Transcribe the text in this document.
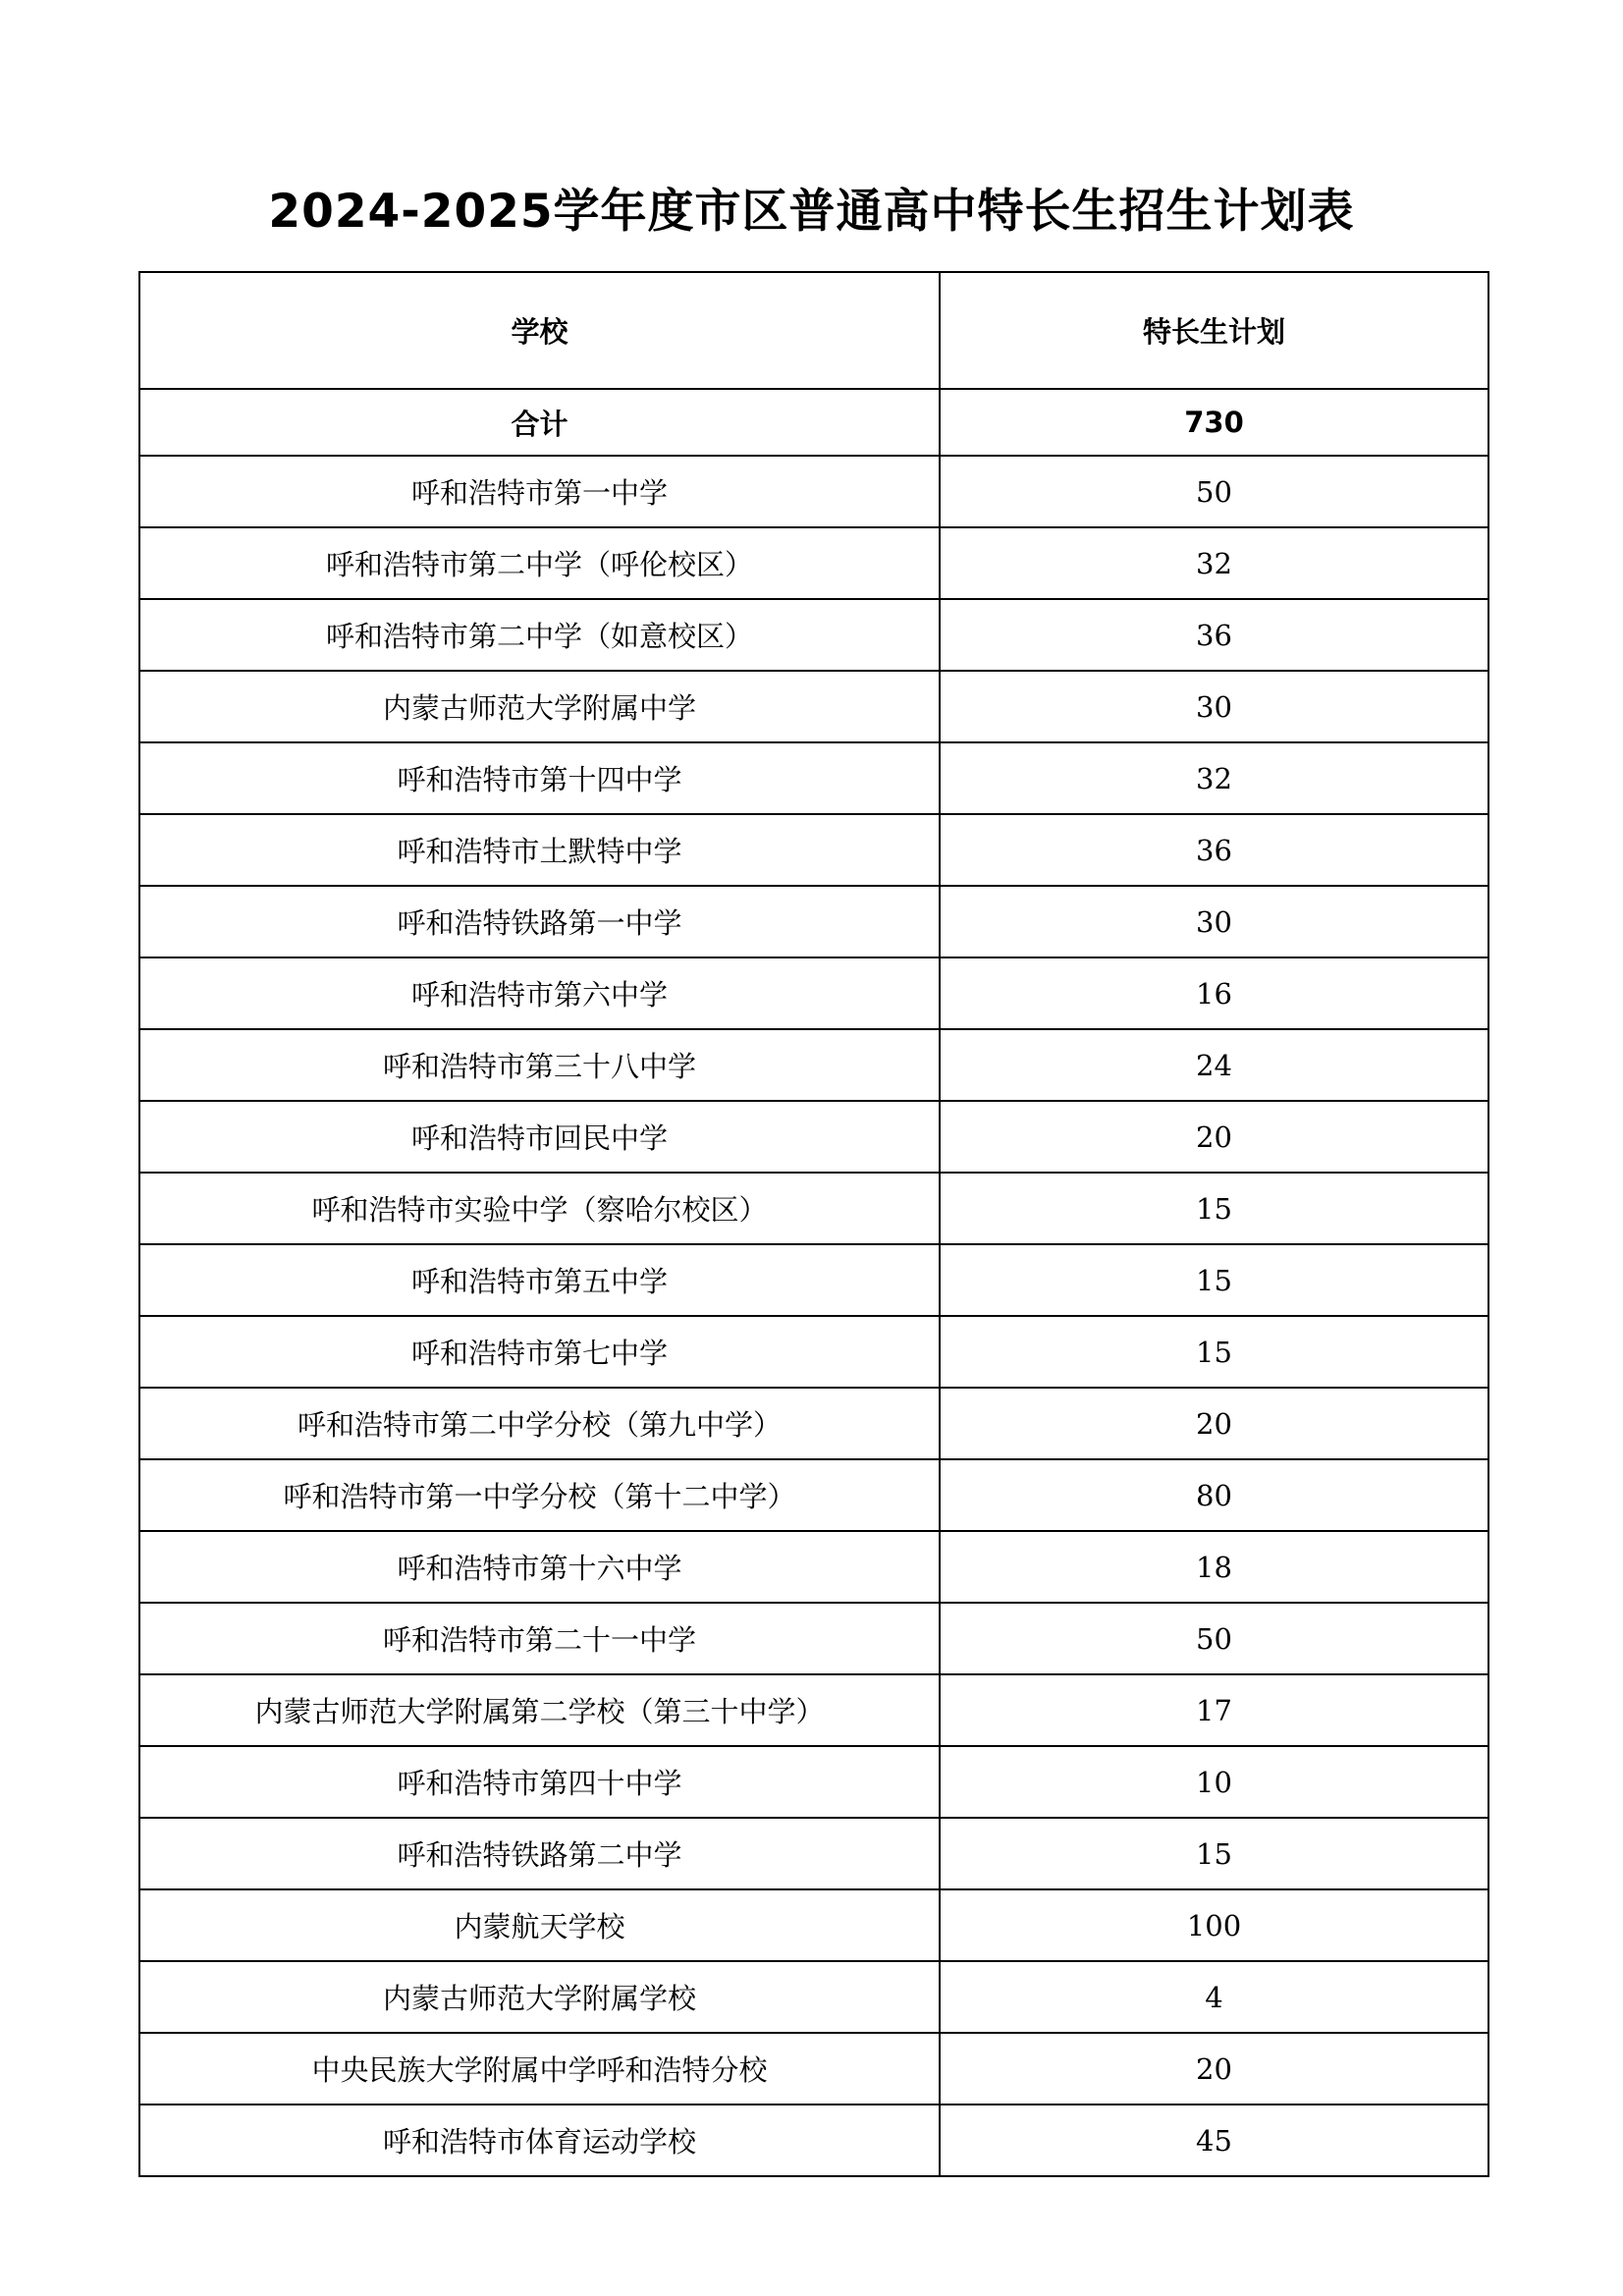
2024-2025学年度市区普通高中特长生招生计划表
学校	特长生计划
合计	730
呼和浩特市第一中学	50
呼和浩特市第二中学（呼伦校区）	32
呼和浩特市第二中学（如意校区）	36
内蒙古师范大学附属中学	30
呼和浩特市第十四中学	32
呼和浩特市土默特中学	36
呼和浩特铁路第一中学	30
呼和浩特市第六中学	16
呼和浩特市第三十八中学	24
呼和浩特市回民中学	20
呼和浩特市实验中学（察哈尔校区）	15
呼和浩特市第五中学	15
呼和浩特市第七中学	15
呼和浩特市第二中学分校（第九中学）	20
呼和浩特市第一中学分校（第十二中学）	80
呼和浩特市第十六中学	18
呼和浩特市第二十一中学	50
内蒙古师范大学附属第二学校（第三十中学）	17
呼和浩特市第四十中学	10
呼和浩特铁路第二中学	15
内蒙航天学校	100
内蒙古师范大学附属学校	4
中央民族大学附属中学呼和浩特分校	20
呼和浩特市体育运动学校	45
